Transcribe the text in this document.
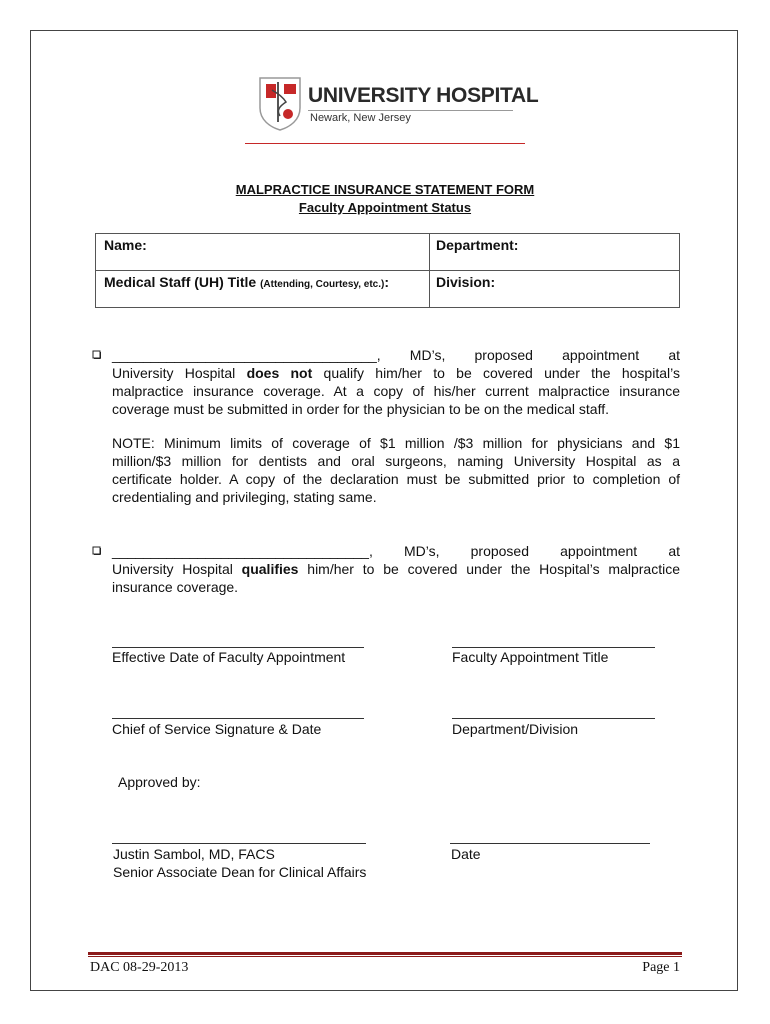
UNIVERSITY HOSPITAL
Newark, New Jersey
MALPRACTICE INSURANCE STATEMENT FORM
Faculty Appointment Status
Name:	Department:
Medical Staff (UH) Title (Attending, Courtesy, etc.):	Division:
__________________________________, MD’s, proposed appointment at
University Hospital does not qualify him/her to be covered under the hospital’s
malpractice insurance coverage. At a copy of his/her current malpractice insurance
coverage must be submitted in order for the physician to be on the medical staff.
NOTE: Minimum limits of coverage of $1 million /$3 million for physicians and $1
million/$3 million for dentists and oral surgeons, naming University Hospital as a
certificate holder. A copy of the declaration must be submitted prior to completion of
credentialing and privileging, stating same.
_________________________________, MD’s, proposed appointment at
University Hospital qualifies him/her to be covered under the Hospital’s malpractice
insurance coverage.
Effective Date of Faculty Appointment	Faculty Appointment Title
Chief of Service Signature & Date	Department/Division
Approved by:
Justin Sambol, MD, FACS
Senior Associate Dean for Clinical Affairs
Date
DAC 08-29-2013	Page 1
